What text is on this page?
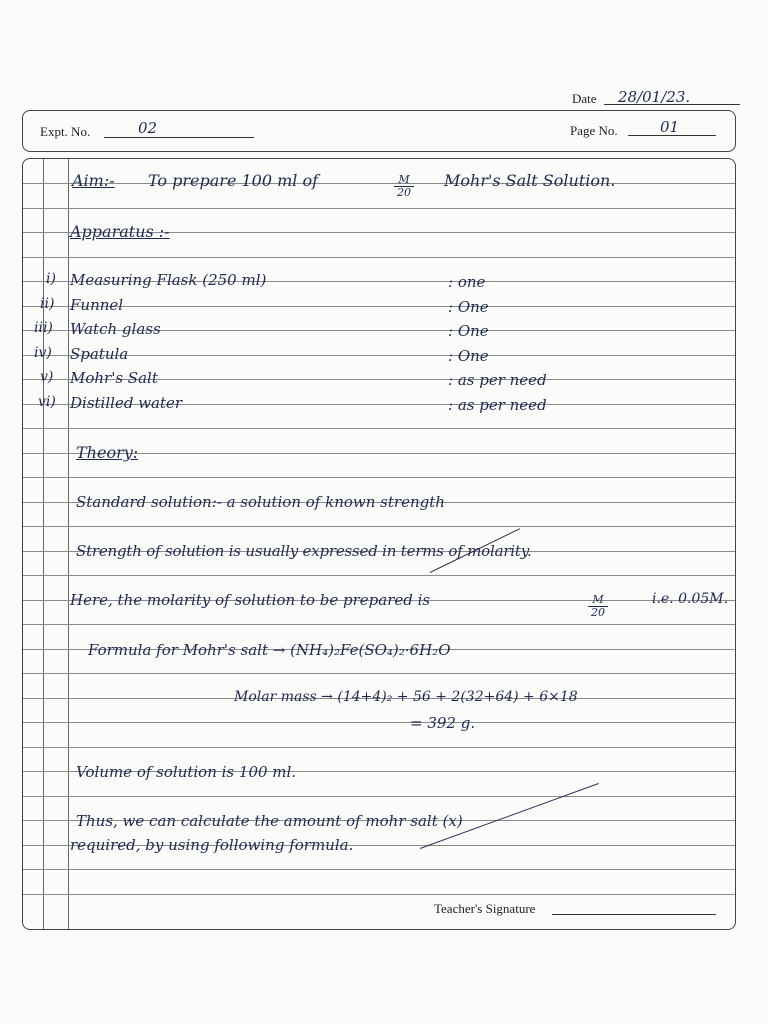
Date 28/01/23.
Expt. No.	02	Page No.	01
Aim:- To prepare 100 ml of	$\frac{M}{20}$ Mohr's Salt Solution.
Apparatus :-
i) Measuring Flask (250 ml)	: one
ii) Funnel	: One
iii) Watch glass	: One
iv) Spatula	: One
v) Mohr's Salt	: as per need
vi) Distilled water	: as per need
Theory:
Standard solution:- a solution of known strength
Strength of solution is usually expressed in terms of molarity.
Here, the molarity of solution to be prepared is	$\frac{M}{20}$	i.e. 0.05M.
Formula for Mohr's salt → (NH₄)₂Fe(SO₄)₂·6H₂O
Molar mass → (14+4)₂ + 56 + 2(32+64) + 6×18
= 392 g.
Volume of solution is 100 ml.
Thus, we can calculate the amount of mohr salt (x)
required, by using following formula.
Teacher's Signature
